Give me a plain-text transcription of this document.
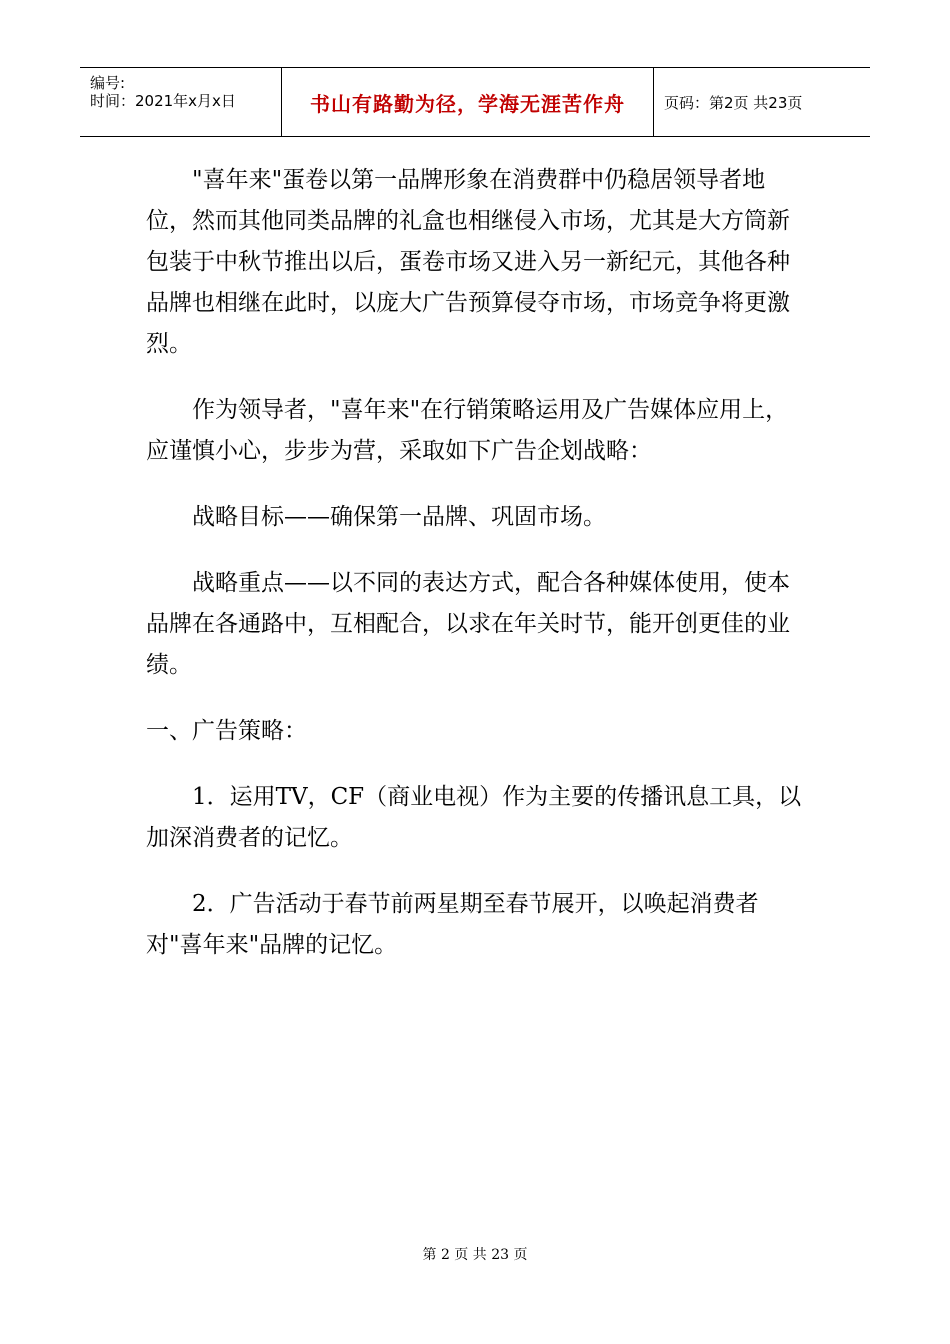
编号:
时间：2021年x月x日	书山有路勤为径，学海无涯苦作舟	页码：第2页 共23页

"喜年来"蛋卷以第一品牌形象在消费群中仍稳居领导者地位，然而其他同类品牌的礼盒也相继侵入市场，尤其是大方筒新包装于中秋节推出以后，蛋卷市场又进入另一新纪元，其他各种品牌也相继在此时，以庞大广告预算侵夺市场，市场竞争将更激烈。

作为领导者，"喜年来"在行销策略运用及广告媒体应用上，应谨慎小心，步步为营，采取如下广告企划战略：

战略目标——确保第一品牌、巩固市场。

战略重点——以不同的表达方式，配合各种媒体使用，使本品牌在各通路中，互相配合，以求在年关时节，能开创更佳的业绩。

一、广告策略：

1．运用TV，CF（商业电视）作为主要的传播讯息工具，以加深消费者的记忆。

2．广告活动于春节前两星期至春节展开，以唤起消费者对"喜年来"品牌的记忆。

第 2 页 共 23 页
